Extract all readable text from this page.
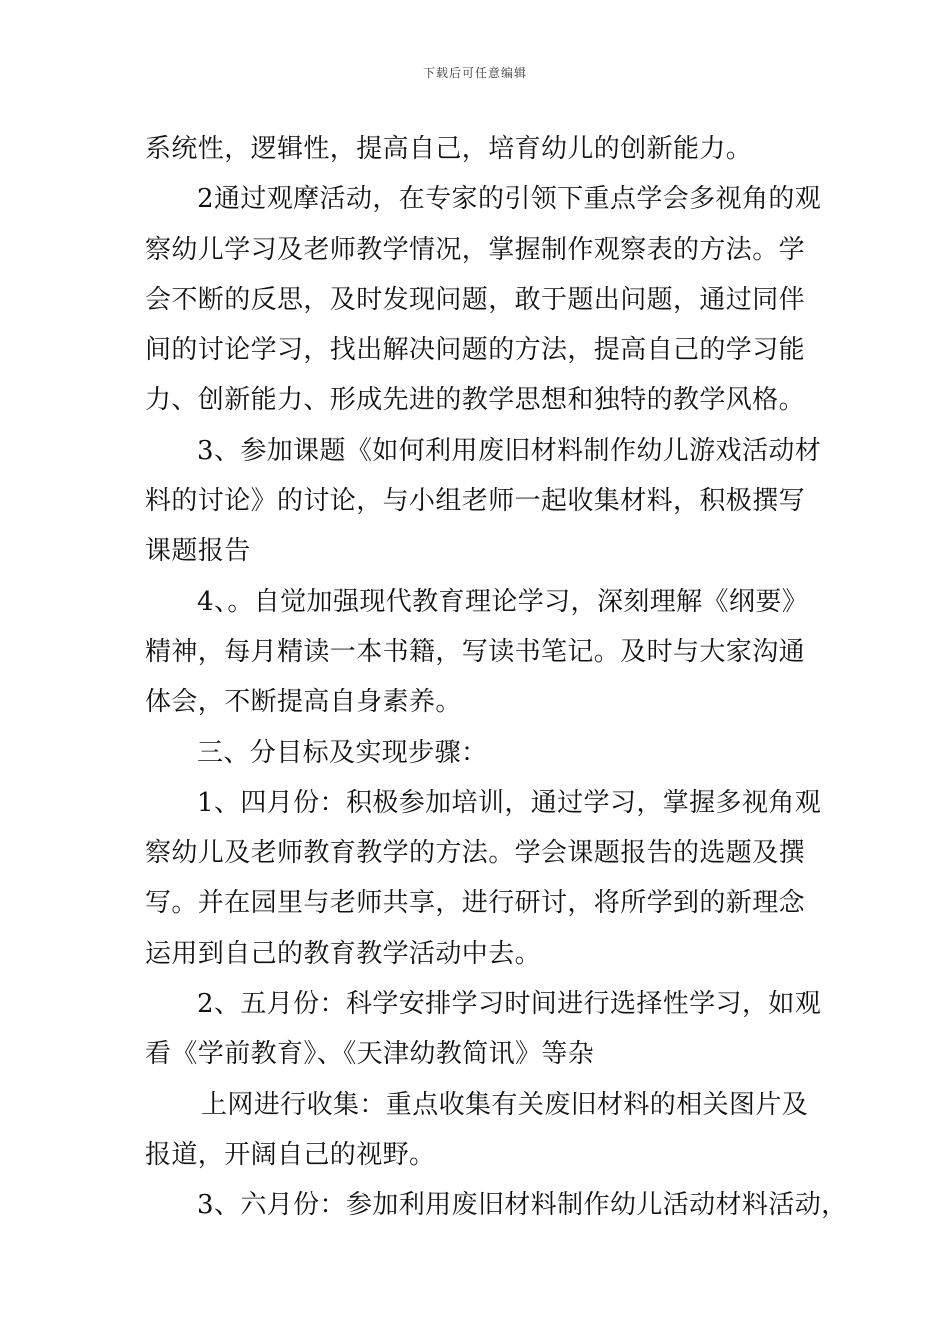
下载后可任意编辑
系统性，逻辑性，提高自己，培育幼儿的创新能力。
2通过观摩活动，在专家的引领下重点学会多视角的观
察幼儿学习及老师教学情况，掌握制作观察表的方法。学
会不断的反思，及时发现问题，敢于题出问题，通过同伴
间的讨论学习，找出解决问题的方法，提高自己的学习能
力、创新能力、形成先进的教学思想和独特的教学风格。
3、参加课题《如何利用废旧材料制作幼儿游戏活动材
料的讨论》的讨论，与小组老师一起收集材料，积极撰写
课题报告
4、。自觉加强现代教育理论学习，深刻理解《纲要》
精神，每月精读一本书籍，写读书笔记。及时与大家沟通
体会，不断提高自身素养。
三、分目标及实现步骤：
1、四月份：积极参加培训，通过学习，掌握多视角观
察幼儿及老师教育教学的方法。学会课题报告的选题及撰
写。并在园里与老师共享，进行研讨，将所学到的新理念
运用到自己的教育教学活动中去。
2、五月份：科学安排学习时间进行选择性学习，如观
看《学前教育》、《天津幼教简讯》等杂
上网进行收集：重点收集有关废旧材料的相关图片及
报道，开阔自己的视野。
3、六月份：参加利用废旧材料制作幼儿活动材料活动，
